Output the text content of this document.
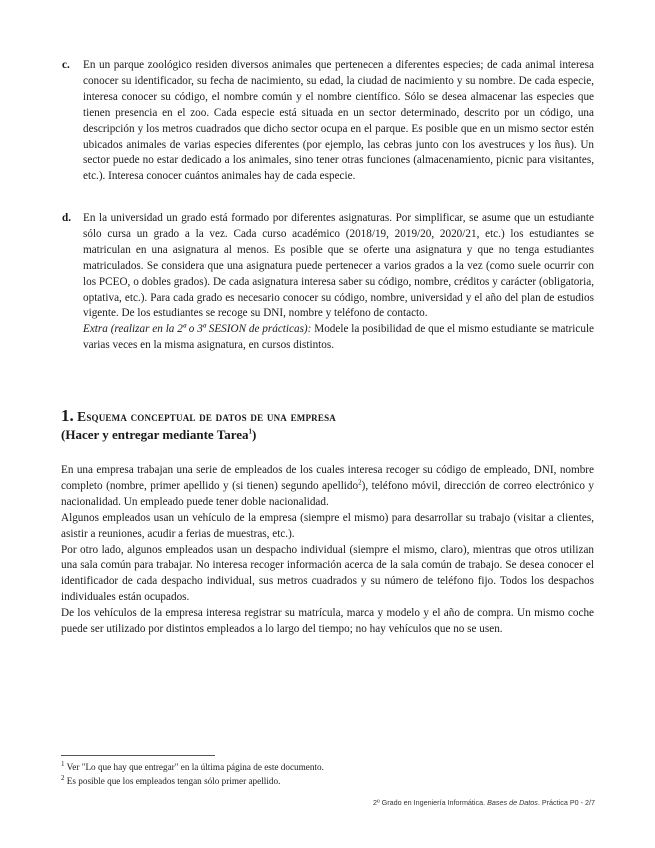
c. En un parque zoológico residen diversos animales que pertenecen a diferentes especies; de cada animal interesa conocer su identificador, su fecha de nacimiento, su edad, la ciudad de nacimiento y su nombre. De cada especie, interesa conocer su código, el nombre común y el nombre científico. Sólo se desea almacenar las especies que tienen presencia en el zoo. Cada especie está situada en un sector determinado, descrito por un código, una descripción y los metros cuadrados que dicho sector ocupa en el parque. Es posible que en un mismo sector estén ubicados animales de varias especies diferentes (por ejemplo, las cebras junto con los avestruces y los ñus). Un sector puede no estar dedicado a los animales, sino tener otras funciones (almacenamiento, picnic para visitantes, etc.). Interesa conocer cuántos animales hay de cada especie.

d. En la universidad un grado está formado por diferentes asignaturas. Por simplificar, se asume que un estudiante sólo cursa un grado a la vez. Cada curso académico (2018/19, 2019/20, 2020/21, etc.) los estudiantes se matriculan en una asignatura al menos. Es posible que se oferte una asignatura y que no tenga estudiantes matriculados. Se considera que una asignatura puede pertenecer a varios grados a la vez (como suele ocurrir con los PCEO, o dobles grados). De cada asignatura interesa saber su código, nombre, créditos y carácter (obligatoria, optativa, etc.). Para cada grado es necesario conocer su código, nombre, universidad y el año del plan de estudios vigente. De los estudiantes se recoge su DNI, nombre y teléfono de contacto.

Extra (realizar en la 2ª o 3ª SESION de prácticas): Modele la posibilidad de que el mismo estudiante se matricule varias veces en la misma asignatura, en cursos distintos.

1. Esquema conceptual de datos de una empresa
(Hacer y entregar mediante Tarea$^1$)

En una empresa trabajan una serie de empleados de los cuales interesa recoger su código de empleado, DNI, nombre completo (nombre, primer apellido y (si tienen) segundo apellido$^2$), teléfono móvil, dirección de correo electrónico y nacionalidad. Un empleado puede tener doble nacionalidad.

Algunos empleados usan un vehículo de la empresa (siempre el mismo) para desarrollar su trabajo (visitar a clientes, asistir a reuniones, acudir a ferias de muestras, etc.).

Por otro lado, algunos empleados usan un despacho individual (siempre el mismo, claro), mientras que otros utilizan una sala común para trabajar. No interesa recoger información acerca de la sala común de trabajo. Se desea conocer el identificador de cada despacho individual, sus metros cuadrados y su número de teléfono fijo. Todos los despachos individuales están ocupados.

De los vehículos de la empresa interesa registrar su matrícula, marca y modelo y el año de compra. Un mismo coche puede ser utilizado por distintos empleados a lo largo del tiempo; no hay vehículos que no se usen.

$^1$ Ver "Lo que hay que entregar" en la última página de este documento.
$^2$ Es posible que los empleados tengan sólo primer apellido.
2º Grado en Ingeniería Informática. Bases de Datos. Práctica P0 - 2/7
